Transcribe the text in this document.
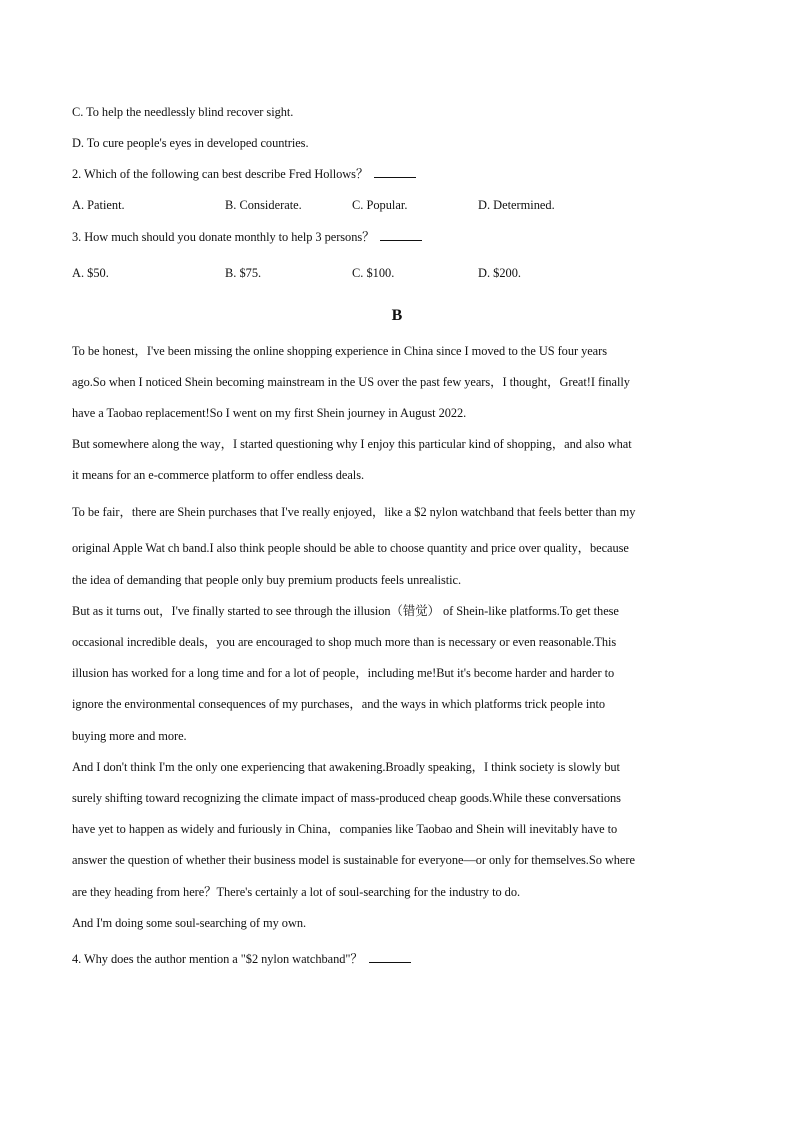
C. To help the needlessly blind recover sight.
D. To cure people's eyes in developed countries.
2. Which of the following can best describe Fred Hollows？
A. Patient.	B. Considerate.	C. Popular.	D. Determined.
3. How much should you donate monthly to help 3 persons？
A. $50.	B. $75.	C. $100.	D. $200.
B
To be honest，I've been missing the online shopping experience in China since I moved to the US four years
ago.So when I noticed Shein becoming mainstream in the US over the past few years，I thought，Great!I finally
have a Taobao replacement!So I went on my first Shein journey in August 2022.
But somewhere along the way，I started questioning why I enjoy this particular kind of shopping，and also what
it means for an e-commerce platform to offer endless deals.
To be fair，there are Shein purchases that I've really enjoyed，like a $2 nylon watchband that feels better than my
original Apple Wat ch band.I also think people should be able to choose quantity and price over quality，because
the idea of demanding that people only buy premium products feels unrealistic.
But as it turns out，I've finally started to see through the illusion（错觉） of Shein-like platforms.To get these
occasional incredible deals，you are encouraged to shop much more than is necessary or even reasonable.This
illusion has worked for a long time and for a lot of people，including me!But it's become harder and harder to
ignore the environmental consequences of my purchases，and the ways in which platforms trick people into
buying more and more.
And I don't think I'm the only one experiencing that awakening.Broadly speaking，I think society is slowly but
surely shifting toward recognizing the climate impact of mass-produced cheap goods.While these conversations
have yet to happen as widely and furiously in China，companies like Taobao and Shein will inevitably have to
answer the question of whether their business model is sustainable for everyone—or only for themselves.So where
are they heading from here？There's certainly a lot of soul-searching for the industry to do.
And I'm doing some soul-searching of my own.
4. Why does the author mention a "$2 nylon watchband"？
